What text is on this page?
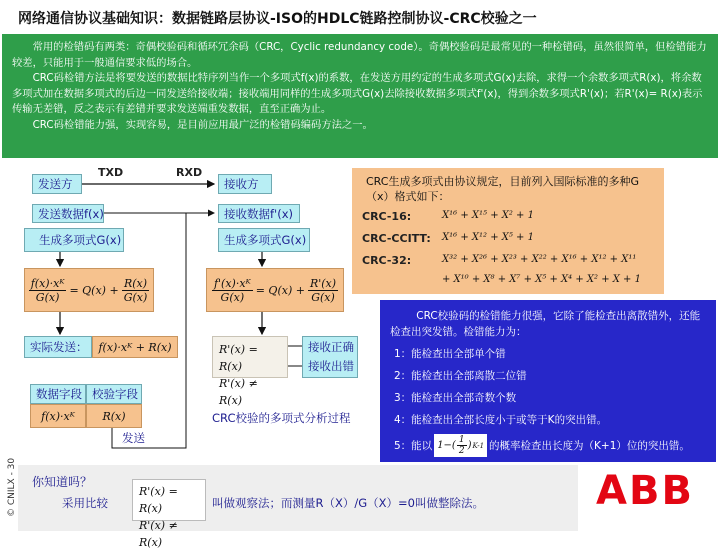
网络通信协议基础知识：数据链路层协议-ISO的HDLC链路控制协议-CRC校验之一

常用的检错码有两类：奇偶校验码和循环冗余码（CRC，Cyclic redundancy code）。奇偶校验码是最常见的一种检错码，虽然很简单，但检错能力较差，只能用于一般通信要求低的场合。

CRC码检错方法是将要发送的数据比特序列当作一个多项式f(x)的系数，在发送方用约定的生成多项式G(x)去除，求得一个余数多项式R(x)，将余数多项式加在数据多项式的后边一同发送给接收端；接收端用同样的生成多项式G(x)去除接收数据多项式f'(x)，得到余数多项式R'(x)；若R'(x)= R(x)表示传输无差错，反之表示有差错并要求发送端重发数据，直至正确为止。

CRC码检错能力强，实现容易，是目前应用最广泛的检错码编码方法之一。

TXD	RXD
发送方
发送数据f(x)
生成多项式G(x)
$\frac{\text{f(x)·xᴷ}}{G(x)} = Q(x) + \frac{R(x)}{G(x)}$
实际发送： f(x)·xᴷ + R(x)
接收方
接收数据f'(x)
生成多项式G(x)
$\frac{\text{f'(x)·xᴷ}}{G(x)} = Q(x) + \frac{R'(x)}{G(x)}$
R'(x) = R(x)
R'(x) ≠ R(x)
接收正确
接收出错
数据字段 校验字段
f(x)·xᴷ	R(x)
发送
CRC校验的多项式分析过程
CRC生成多项式由协议规定，目前列入国际标准的多种G（x）格式如下：
CRC-16:	X¹⁶ + X¹⁵ + X² + 1
CRC-CCITT: X¹⁶ + X¹² + X⁵ + 1
CRC-32:	X³² + X²⁶ + X²³ + X²² + X¹⁶ + X¹² + X¹¹
+ X¹⁰ + X⁸ + X⁷ + X⁵ + X⁴ + X² + X + 1
CRC校验码的检错能力很强，它除了能检查出离散错外，还能检查出突发错。检错能力为：
1：能检查出全部单个错
2：能检查出全部离散二位错
3：能检查出全部奇数个数
4：能检查出全部长度小于或等于K的突出错。
5：能以 $1-( \frac{1}{2}$ ) K-1 的概率检查出长度为（K+1）位的突出错。
你知道吗？
采用比较
R'(x) = R(x)
R'(x) ≠ R(x)
叫做观察法；而测量R（X）/G（X）=0叫做整除法。
© CNILX - 30	ABB
